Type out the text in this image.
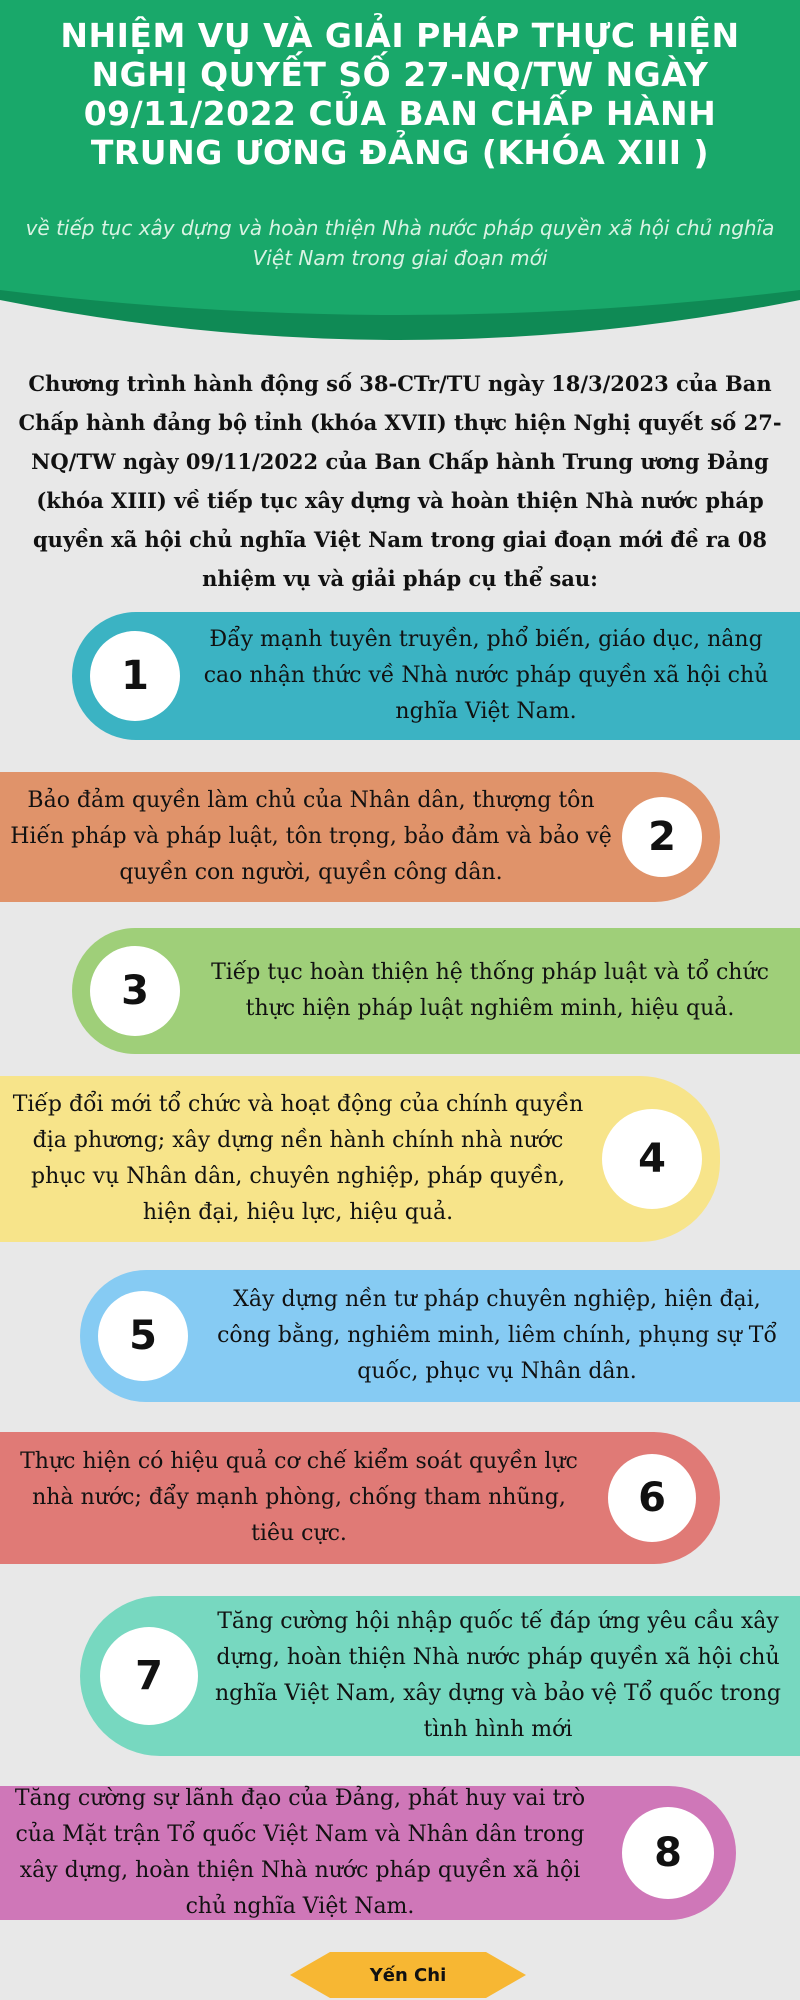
NHIỆM VỤ VÀ GIẢI PHÁP THỰC HIỆN NGHỊ QUYẾT SỐ 27-NQ/TW NGÀY 09/11/2022 CỦA BAN CHẤP HÀNH TRUNG ƯƠNG ĐẢNG (KHÓA XIII )
về tiếp tục xây dựng và hoàn thiện Nhà nước pháp quyền xã hội chủ nghĩa Việt Nam trong giai đoạn mới
Chương trình hành động số 38-CTr/TU ngày 18/3/2023 của Ban Chấp hành đảng bộ tỉnh (khóa XVII) thực hiện Nghị quyết số 27-NQ/TW ngày 09/11/2022 của Ban Chấp hành Trung ương Đảng (khóa XIII) về tiếp tục xây dựng và hoàn thiện Nhà nước pháp quyền xã hội chủ nghĩa Việt Nam trong giai đoạn mới đề ra 08 nhiệm vụ và giải pháp cụ thể sau:
1
Đẩy mạnh tuyên truyền, phổ biến, giáo dục, nâng cao nhận thức về Nhà nước pháp quyền xã hội chủ nghĩa Việt Nam.
Bảo đảm quyền làm chủ của Nhân dân, thượng tôn Hiến pháp và pháp luật, tôn trọng, bảo đảm và bảo vệ quyền con người, quyền công dân.
2
3	Tiếp tục hoàn thiện hệ thống pháp luật và tổ chức thực hiện pháp luật nghiêm minh, hiệu quả.
Tiếp đổi mới tổ chức và hoạt động của chính quyền địa phương; xây dựng nền hành chính nhà nước phục vụ Nhân dân, chuyên nghiệp, pháp quyền, hiện đại, hiệu lực, hiệu quả.
4
5
Xây dựng nền tư pháp chuyên nghiệp, hiện đại, công bằng, nghiêm minh, liêm chính, phụng sự Tổ quốc, phục vụ Nhân dân.
Thực hiện có hiệu quả cơ chế kiểm soát quyền lực nhà nước; đẩy mạnh phòng, chống tham nhũng, tiêu cực.
6
7
Tăng cường hội nhập quốc tế đáp ứng yêu cầu xây dựng, hoàn thiện Nhà nước pháp quyền xã hội chủ nghĩa Việt Nam, xây dựng và bảo vệ Tổ quốc trong tình hình mới
Tăng cường sự lãnh đạo của Đảng, phát huy vai trò của Mặt trận Tổ quốc Việt Nam và Nhân dân trong xây dựng, hoàn thiện Nhà nước pháp quyền xã hội chủ nghĩa Việt Nam.
8
Yến Chi
